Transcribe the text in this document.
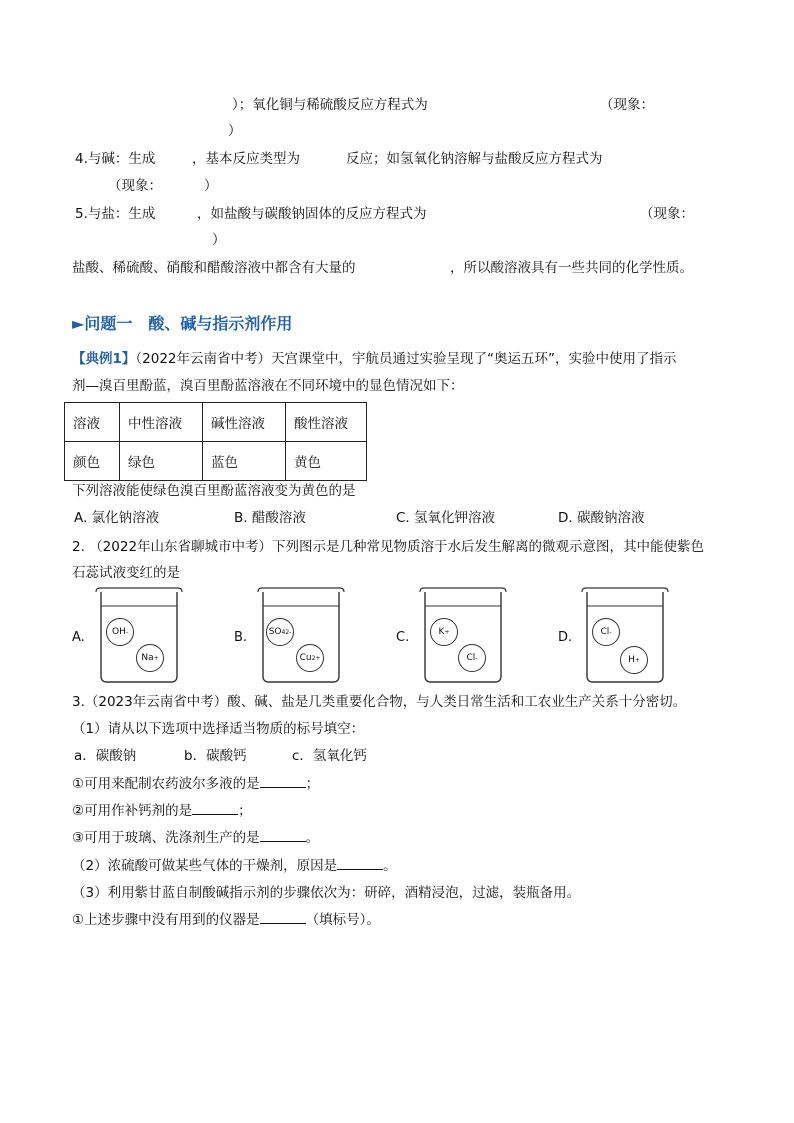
）；氧化铜与稀硫酸反应方程式为	（现象：
）
4.与碱：生成	，基本反应类型为	反应；如氢氧化钠溶解与盐酸反应方程式为
（现象：	）
5.与盐：生成	，如盐酸与碳酸钠固体的反应方程式为	（现象：
）
盐酸、稀硫酸、硝酸和醋酸溶液中都含有大量的	，所以酸溶液具有一些共同的化学性质。
►问题一　酸、碱与指示剂作用
【典例1】（2022年云南省中考）天宫课堂中，宇航员通过实验呈现了“奥运五环”，实验中使用了指示
剂—溴百里酚蓝，溴百里酚蓝溶液在不同环境中的显色情况如下：
溶液	中性溶液	碱性溶液	酸性溶液
颜色	绿色	蓝色	黄色
下列溶液能使绿色溴百里酚蓝溶液变为黄色的是
A. 氯化钠溶液	B. 醋酸溶液	C. 氢氧化钾溶液	D. 碳酸钠溶液
2. （2022年山东省聊城市中考）下列图示是几种常见物质溶于水后发生解离的微观示意图，其中能使紫色
石蕊试液变红的是
A.	B.	C.	D.
OH -
Na +
SO 4 2-
Cu 2+
K +
Cl -
Cl -
H +
3.（2023年云南省中考）酸、碱、盐是几类重要化合物，与人类日常生活和工农业生产关系十分密切。
（1）请从以下选项中选择适当物质的标号填空：
a．碳酸钠	b．碳酸钙	c．氢氧化钙
①可用来配制农药波尔多液的是	；
②可用作补钙剂的是	；
③可用于玻璃、洗涤剂生产的是	。
（2）浓硫酸可做某些气体的干燥剂，原因是	。
（3）利用紫甘蓝自制酸碱指示剂的步骤依次为：研碎，酒精浸泡，过滤，装瓶备用。
①上述步骤中没有用到的仪器是	（填标号）。
